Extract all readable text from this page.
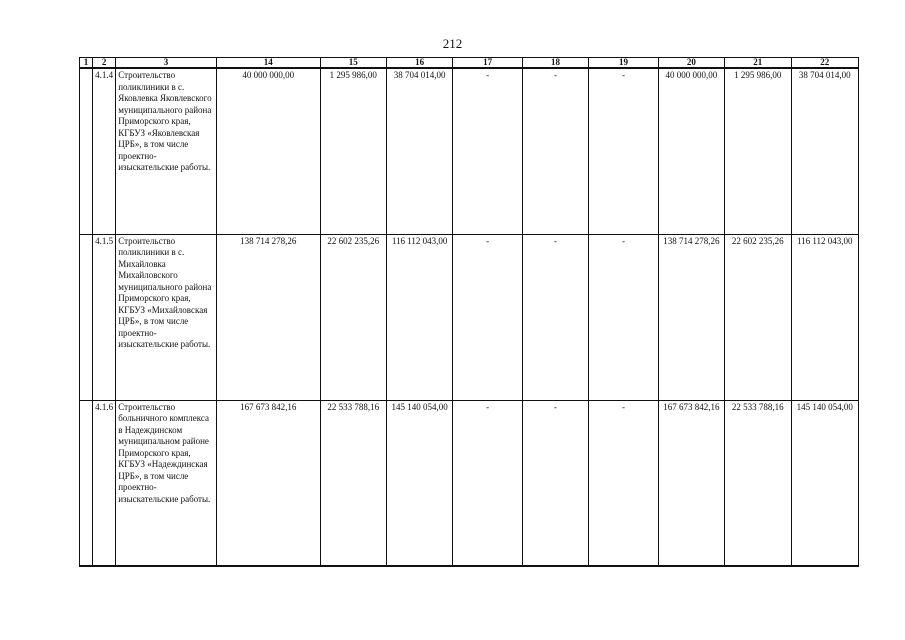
212
1	2	3	14	15	16	17	18	19	20	21	22
	4.1.4	Строительство поликлиники в с. Яковлевка Яковлевского муниципального района Приморского края, КГБУЗ «Яковлевская ЦРБ», в том числе проектно-изыскательские работы.	40 000 000,00	1 295 986,00	38 704 014,00	-	-	-	40 000 000,00	1 295 986,00	38 704 014,00
	4.1.5	Строительство поликлиники в с. Михайловка Михайловского муниципального района Приморского края, КГБУЗ «Михайловская ЦРБ», в том числе проектно-изыскательские работы.	138 714 278,26	22 602 235,26	116 112 043,00	-	-	-	138 714 278,26	22 602 235,26	116 112 043,00
	4.1.6	Строительство больничного комплекса в Надеждинском муниципальном районе Приморского края, КГБУЗ «Надеждинская ЦРБ», в том числе проектно-изыскательские работы.	167 673 842,16	22 533 788,16	145 140 054,00	-	-	-	167 673 842,16	22 533 788,16	145 140 054,00
